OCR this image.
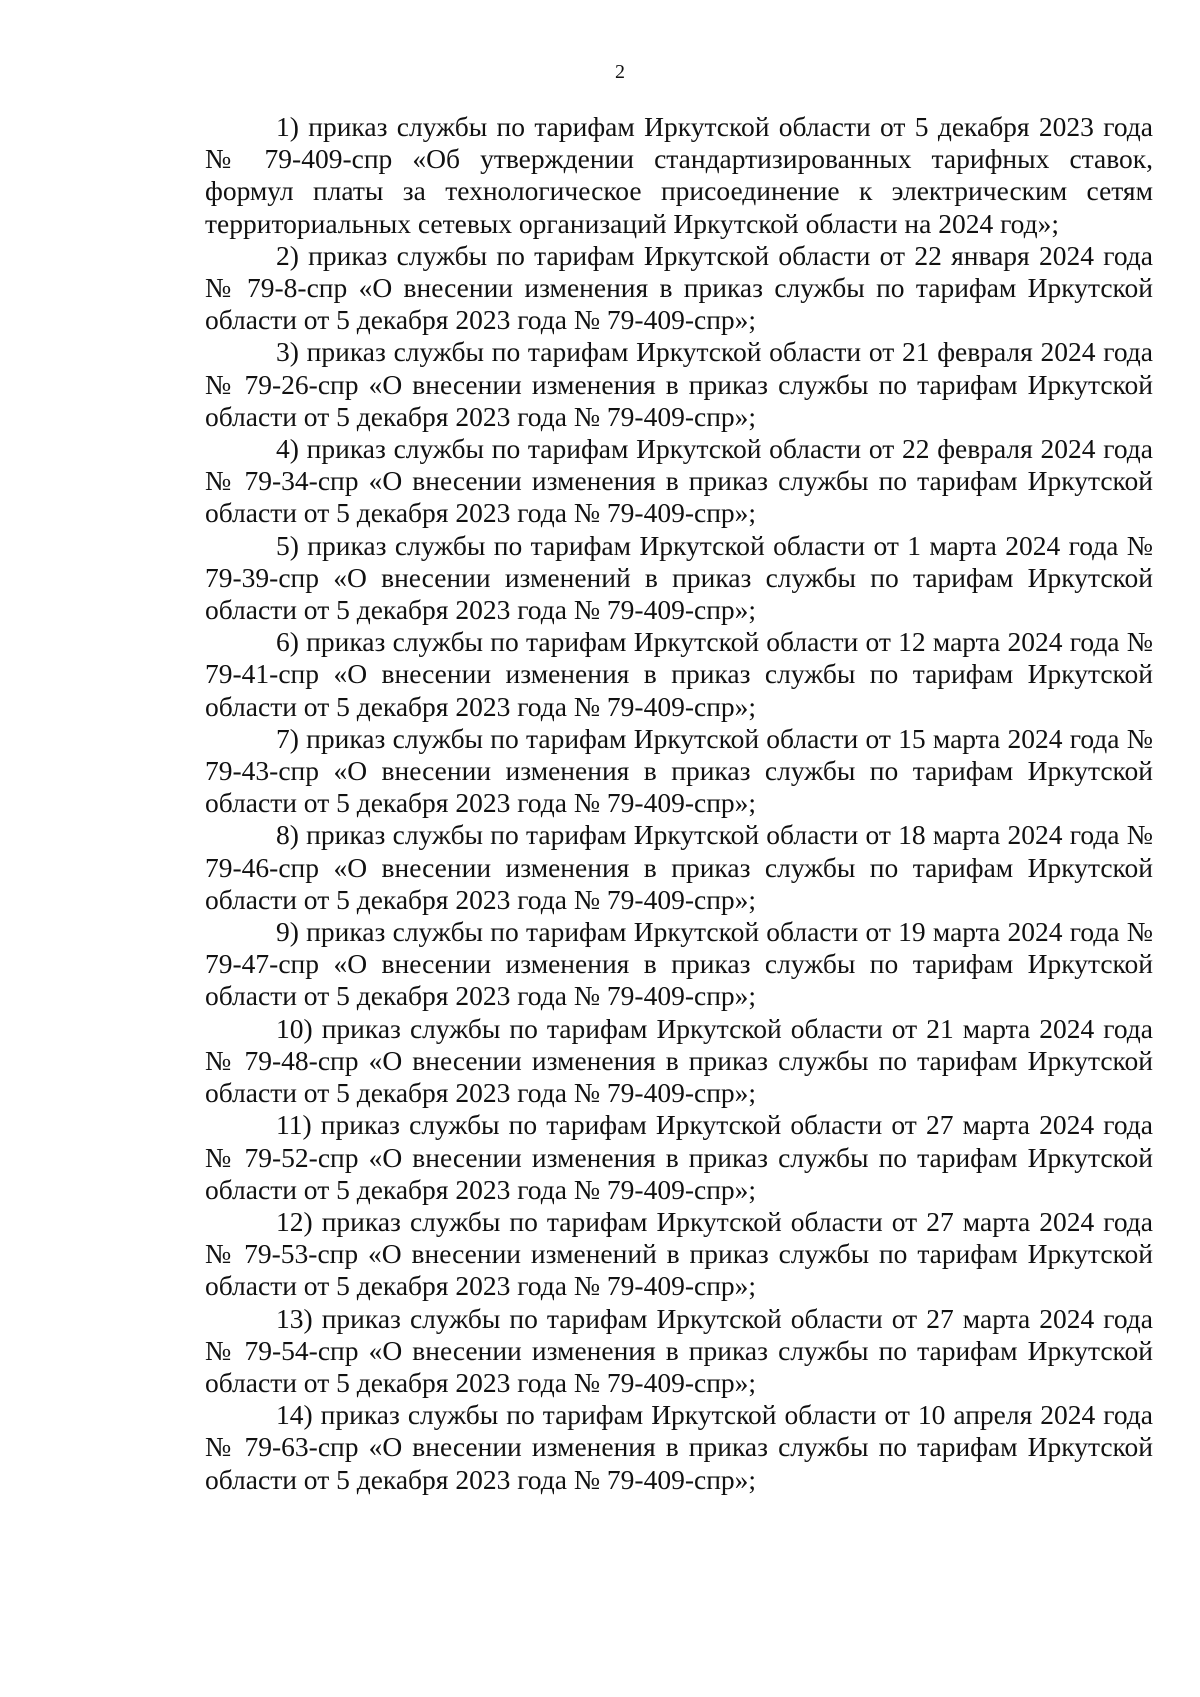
2

1) приказ службы по тарифам Иркутской области от 5 декабря 2023 года № 79-409-спр «Об утверждении стандартизированных тарифных ставок, формул платы за технологическое присоединение к электрическим сетям территориальных сетевых организаций Иркутской области на 2024 год»;

2) приказ службы по тарифам Иркутской области от 22 января 2024 года № 79-8-спр «О внесении изменения в приказ службы по тарифам Иркутской области от 5 декабря 2023 года № 79-409-спр»;

3) приказ службы по тарифам Иркутской области от 21 февраля 2024 года № 79-26-спр «О внесении изменения в приказ службы по тарифам Иркутской области от 5 декабря 2023 года № 79-409-спр»;

4) приказ службы по тарифам Иркутской области от 22 февраля 2024 года № 79-34-спр «О внесении изменения в приказ службы по тарифам Иркутской области от 5 декабря 2023 года № 79-409-спр»;

5) приказ службы по тарифам Иркутской области от 1 марта 2024 года № 79-39-спр «О внесении изменений в приказ службы по тарифам Иркутской области от 5 декабря 2023 года № 79-409-спр»;

6) приказ службы по тарифам Иркутской области от 12 марта 2024 года № 79-41-спр «О внесении изменения в приказ службы по тарифам Иркутской области от 5 декабря 2023 года № 79-409-спр»;

7) приказ службы по тарифам Иркутской области от 15 марта 2024 года № 79-43-спр «О внесении изменения в приказ службы по тарифам Иркутской области от 5 декабря 2023 года № 79-409-спр»;

8) приказ службы по тарифам Иркутской области от 18 марта 2024 года № 79-46-спр «О внесении изменения в приказ службы по тарифам Иркутской области от 5 декабря 2023 года № 79-409-спр»;

9) приказ службы по тарифам Иркутской области от 19 марта 2024 года № 79-47-спр «О внесении изменения в приказ службы по тарифам Иркутской области от 5 декабря 2023 года № 79-409-спр»;

10) приказ службы по тарифам Иркутской области от 21 марта 2024 года № 79-48-спр «О внесении изменения в приказ службы по тарифам Иркутской области от 5 декабря 2023 года № 79-409-спр»;

11) приказ службы по тарифам Иркутской области от 27 марта 2024 года № 79-52-спр «О внесении изменения в приказ службы по тарифам Иркутской области от 5 декабря 2023 года № 79-409-спр»;

12) приказ службы по тарифам Иркутской области от 27 марта 2024 года № 79-53-спр «О внесении изменений в приказ службы по тарифам Иркутской области от 5 декабря 2023 года № 79-409-спр»;

13) приказ службы по тарифам Иркутской области от 27 марта 2024 года № 79-54-спр «О внесении изменения в приказ службы по тарифам Иркутской области от 5 декабря 2023 года № 79-409-спр»;

14) приказ службы по тарифам Иркутской области от 10 апреля 2024 года № 79-63-спр «О внесении изменения в приказ службы по тарифам Иркутской области от 5 декабря 2023 года № 79-409-спр»;
